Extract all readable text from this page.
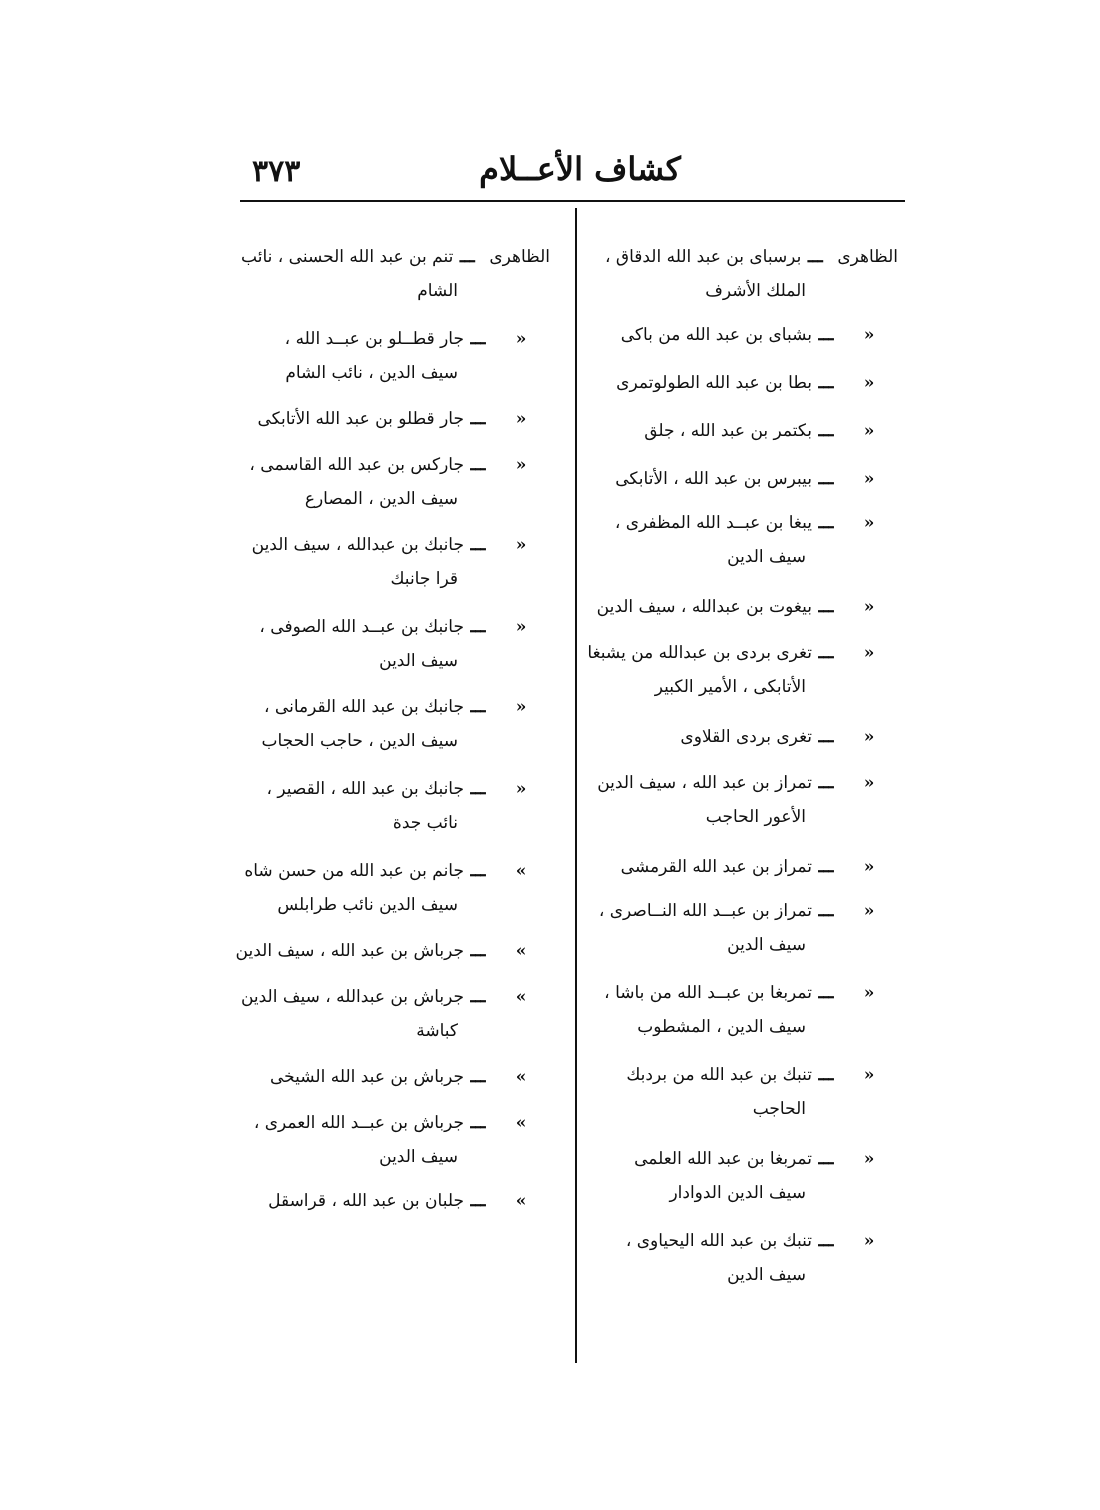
٣٧٣	كشاف الأعــلام
الظاهرى
ـــ
برسباى بن عبد الله الدقاق ،
الملك الأشرف
«
ـــ
بشباى بن عبد الله من باكى
«
ـــ
بطا بن عبد الله الطولوتمرى
«
ـــ
بكتمر بن عبد الله ، جلق
«
ـــ
بيبرس بن عبد الله ، الأتابكى
«
ـــ
يبغا بن عبــد الله المظفرى ،
سيف الدين
«
ـــ
بيغوت بن عبدالله ، سيف الدين
«
ـــ
تغرى بردى بن عبدالله من يشبغا
الأتابكى ، الأمير الكبير
«
ـــ
تغرى بردى القلاوى
«
ـــ
تمراز بن عبد الله ، سيف الدين
الأعور الحاجب
«
ـــ
تمراز بن عبد الله القرمشى
«
ـــ
تمراز بن عبــد الله النــاصرى ،
سيف الدين
«
ـــ
تمربغا بن عبــد الله من باشا ،
سيف الدين ، المشطوب
«
ـــ
تنبك بن عبد الله من بردبك
الحاجب
«
ـــ
تمربغا بن عبد الله العلمى
سيف الدين الدوادار
«
ـــ
تنبك بن عبد الله اليحياوى ،
سيف الدين
الظاهرى
ـــ
تنم بن عبد الله الحسنى ، نائب
الشام
«
ـــ
جار قطــلو بن عبــد الله ،
سيف الدين ، نائب الشام
«
ـــ
جار قطلو بن عبد الله الأتابكى
«
ـــ
جاركس بن عبد الله القاسمى ،
سيف الدين ، المصارع
«
ـــ
جانبك بن عبدالله ، سيف الدين
قرا جانبك
«
ـــ
جانبك بن عبــد الله الصوفى ،
سيف الدين
«
ـــ
جانبك بن عبد الله القرمانى ،
سيف الدين ، حاجب الحجاب
«
ـــ
جانبك بن عبد الله ، القصير ،
نائب جدة
»
ـــ
جانم بن عبد الله من حسن شاه
سيف الدين نائب طرابلس
»
ـــ
جرباش بن عبد الله ، سيف الدين
»
ـــ
جرباش بن عبدالله ، سيف الدين
كباشة
»
ـــ
جرباش بن عبد الله الشيخى
»
ـــ
جرباش بن عبــد الله العمرى ،
سيف الدين
»
ـــ
جلبان بن عبد الله ، قراسقل
